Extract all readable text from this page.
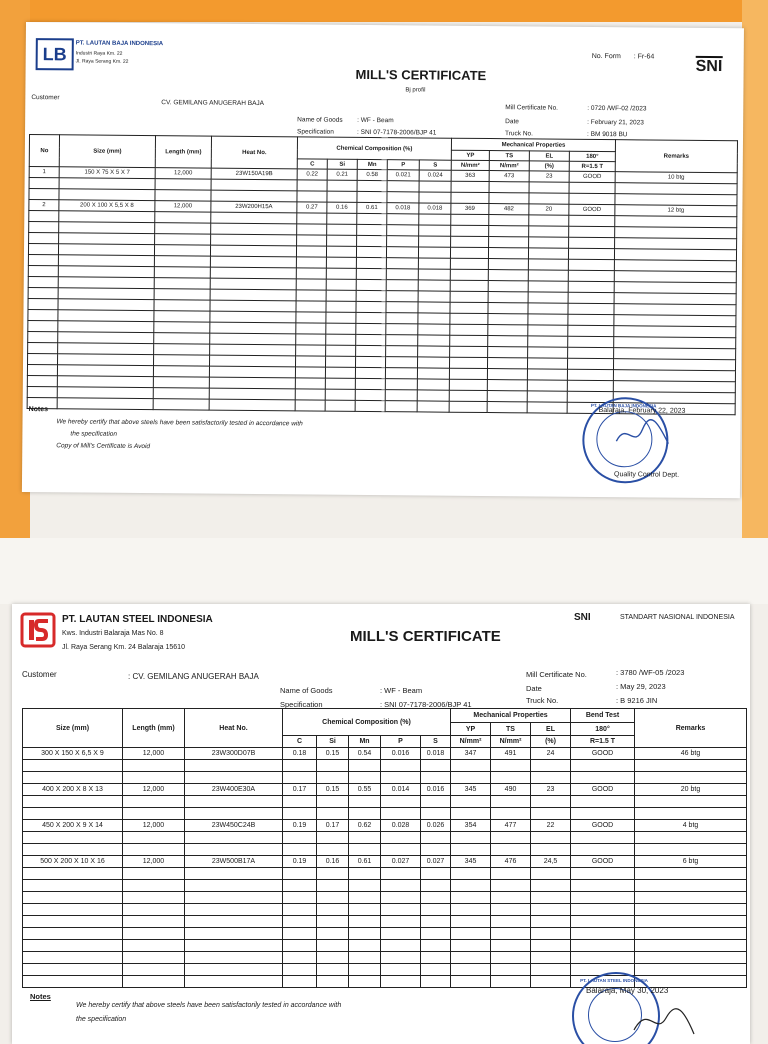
LB
PT. LAUTAN BAJA INDONESIA
Industri Raya Km. 22
Jl. Raya Serang Km. 22
No. Form : Fr-64
SNI
MILL'S CERTIFICATE
Bj profil
Customer
CV. GEMILANG ANUGERAH BAJA
Name of Goods : WF - Beam
Specification	: SNI 07-7178-2006/BJP 41
Mill Certificate No.	: 0720 /WF-02 /2023
Date	: February 21, 2023
Truck No.	: BM 9018 BU
No	Size (mm)	Length (mm)	Heat No.	Chemical Composition (%)					Mechanical Properties				Remarks
									YP	TS	EL	180°	
				C	Si	Mn	P	S	N/mm²	N/mm²	(%)	R=1.5 T	
1	150 X 75 X 5 X 7	12,000	23W150A19B	0.22	0.21	0.58	0.021	0.024	363	473	23	GOOD	10 btg

2	200 X 100 X 5,5 X 8	12,000	23W200H15A	0.27	0.16	0.61	0.018	0.018	369	482	20	GOOD	12 btg

Notes
We hereby certify that above steels have been satisfactorily tested in accordance with
the specification
Copy of Mill's Certificate is Avoid
PT. LAUTAN BAJA INDONESIA
Balaraja, February 22, 2023
Quality Control Dept.
PT. LAUTAN STEEL INDONESIA
Kws. Industri Balaraja Mas No. 8
Jl. Raya Serang Km. 24 Balaraja 15610
MILL'S CERTIFICATE
SNI	STANDART NASIONAL INDONESIA
Customer	: CV. GEMILANG ANUGERAH BAJA
Name of Goods	: WF - Beam
Specification	: SNI 07-7178-2006/BJP 41
Mill Certificate No.	: 3780 /WF-05 /2023
Date	: May 29, 2023
Truck No.	: B 9216 JIN
Size (mm)	Length (mm)	Heat No.	Chemical Composition (%)					Mechanical Properties			Bend Test	Remarks
								YP	TS	EL	180°	
			C	Si	Mn	P	S	N/mm²	N/mm²	(%)	R=1.5 T	
300 X 150 X 6,5 X 9	12,000	23W300D07B	0.18	0.15	0.54	0.016	0.018	347	491	24	GOOD	46 btg

400 X 200 X 8 X 13	12,000	23W400E30A	0.17	0.15	0.55	0.014	0.016	345	490	23	GOOD	20 btg

450 X 200 X 9 X 14	12,000	23W450C24B	0.19	0.17	0.62	0.028	0.026	354	477	22	GOOD	4 btg

500 X 200 X 10 X 16	12,000	23W500B17A	0.19	0.16	0.61	0.027	0.027	345	476	24,5	GOOD	6 btg

Notes
We hereby certify that above steels have been satisfactorily tested in accordance with
the specification
PT. LAUTAN STEEL INDONESIA
Balaraja, May 30, 2023
